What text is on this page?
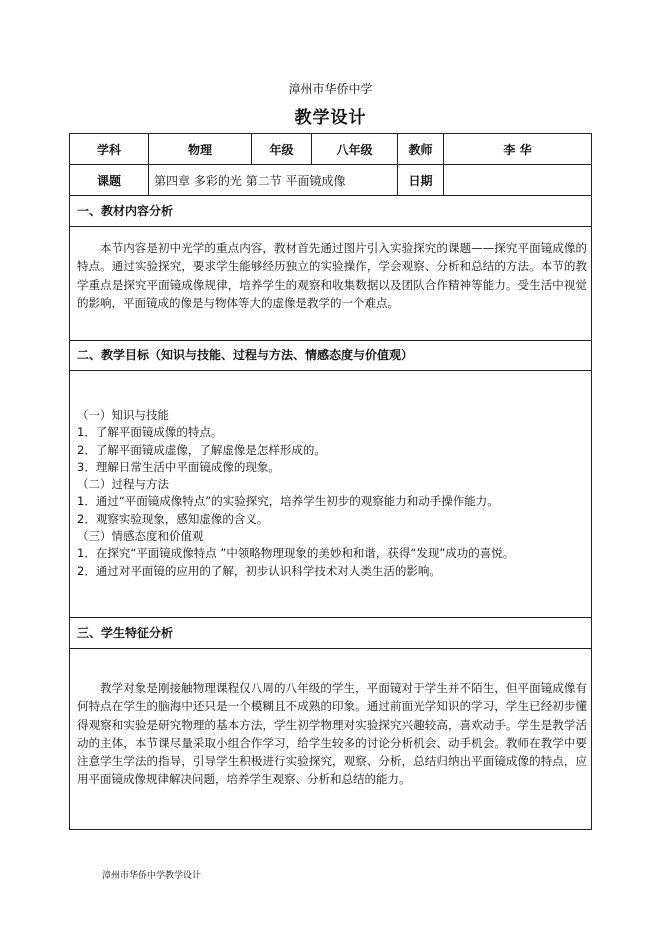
漳州市华侨中学
教学设计
学科	物理	年级	八年级	教师	李 华
课题	第四章 多彩的光 第二节 平面镜成像	日期
一、教材内容分析
本节内容是初中光学的重点内容，教材首先通过图片引入实验探究的课题——探究平面镜成像的特点。通过实验探究，要求学生能够经历独立的实验操作，学会观察、分析和总结的方法。本节的教学重点是探究平面镜成像规律，培养学生的观察和收集数据以及团队合作精神等能力。受生活中视觉的影响，平面镜成的像是与物体等大的虚像是教学的一个难点。
二、教学目标（知识与技能、过程与方法、情感态度与价值观）
（一）知识与技能
1．了解平面镜成像的特点。
2．了解平面镜成虚像，了解虚像是怎样形成的。
3．理解日常生活中平面镜成像的现象。
（二）过程与方法
1．通过“平面镜成像特点”的实验探究，培养学生初步的观察能力和动手操作能力。
2．观察实验现象，感知虚像的含义。
（三）情感态度和价值观
1．在探究“平面镜成像特点 ”中领略物理现象的美妙和和谐，获得“发现”成功的喜悦。
2．通过对平面镜的应用的了解，初步认识科学技术对人类生活的影响。
三、学生特征分析
教学对象是刚接触物理课程仅八周的八年级的学生，平面镜对于学生并不陌生，但平面镜成像有何特点在学生的脑海中还只是一个模糊且不成熟的印象。通过前面光学知识的学习，学生已经初步懂得观察和实验是研究物理的基本方法，学生初学物理对实验探究兴趣较高，喜欢动手。学生是教学活动的主体，本节课尽量采取小组合作学习，给学生较多的讨论分析机会、动手机会。教师在教学中要注意学生学法的指导，引导学生积极进行实验探究，观察、分析，总结归纳出平面镜成像的特点，应用平面镜成像规律解决问题，培养学生观察、分析和总结的能力。
漳州市华侨中学教学设计
